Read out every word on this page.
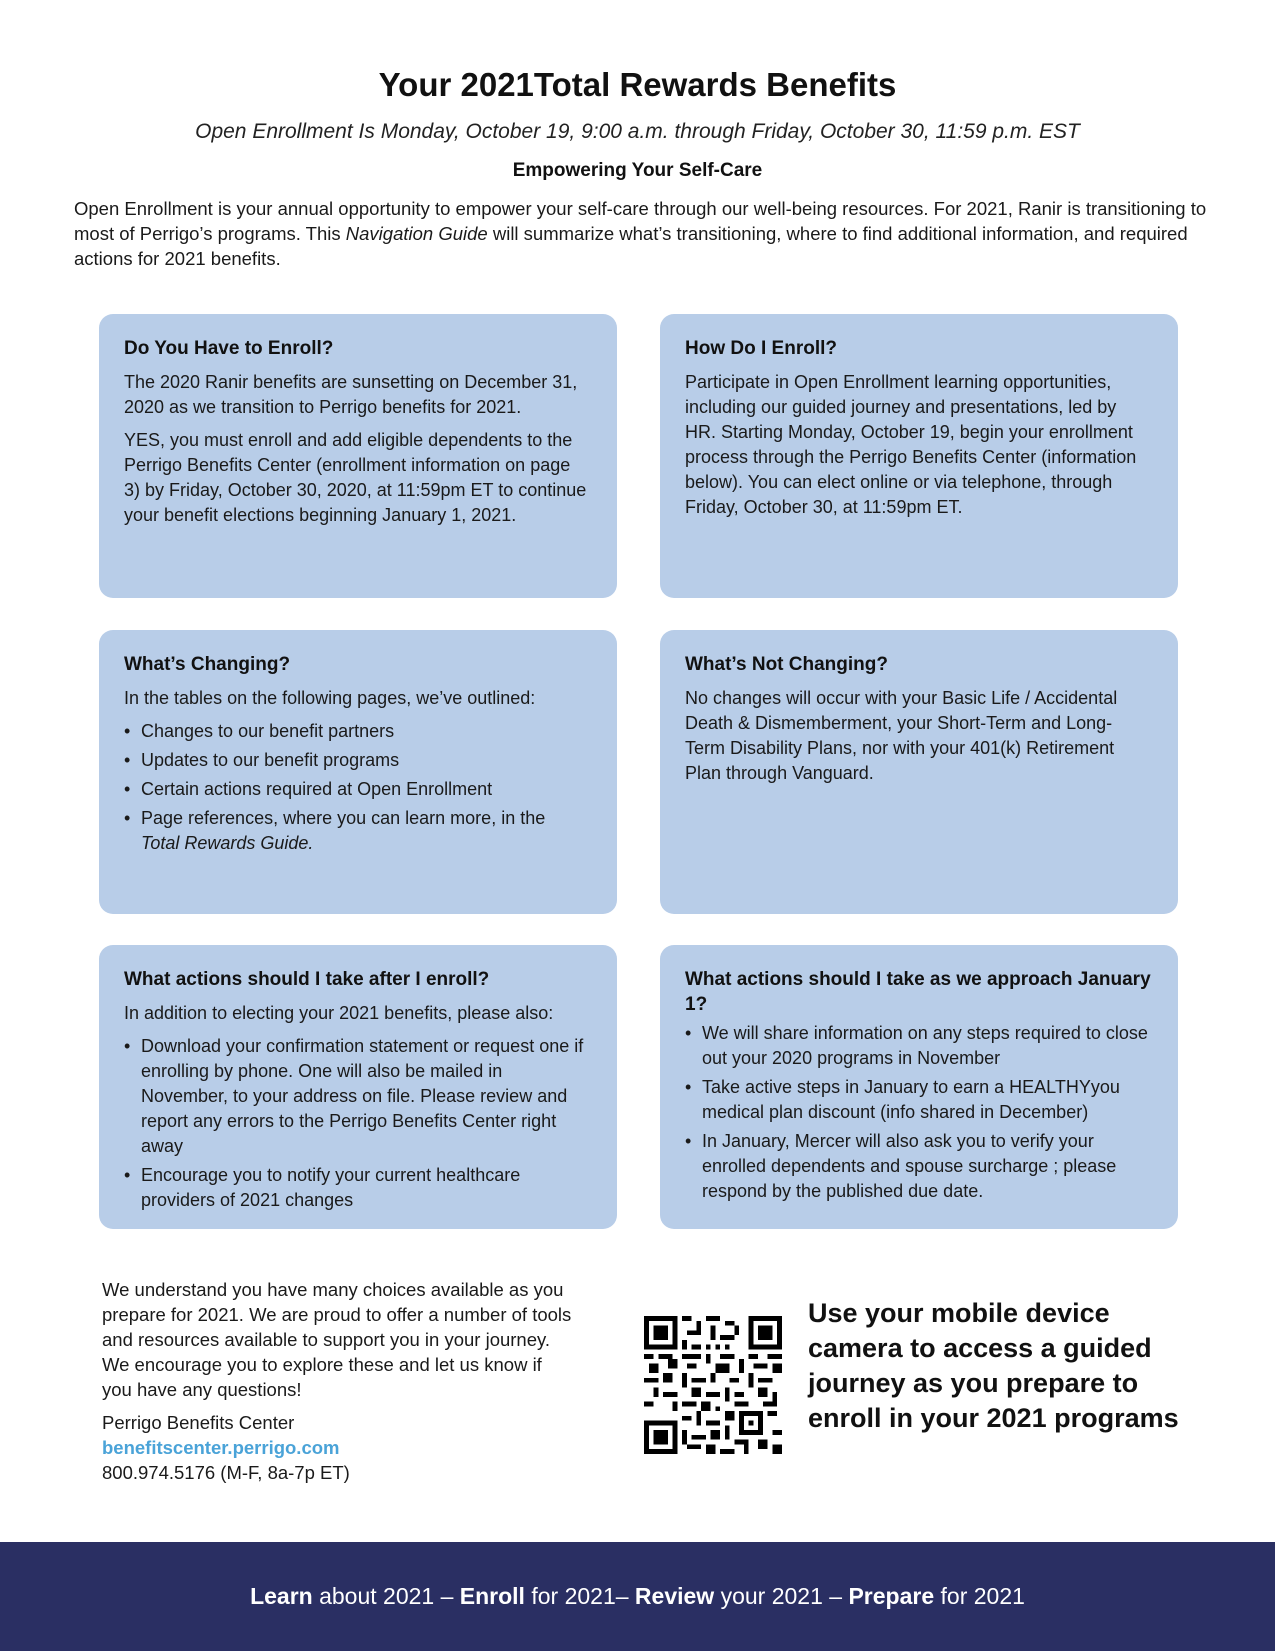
Your 2021Total Rewards Benefits
Open Enrollment Is Monday, October 19, 9:00 a.m. through Friday, October 30, 11:59 p.m. EST
Empowering Your Self-Care
Open Enrollment is your annual opportunity to empower your self-care through our well-being resources. For 2021, Ranir is transitioning to most of Perrigo’s programs. This Navigation Guide will summarize what’s transitioning, where to find additional information, and required actions for 2021 benefits.
Do You Have to Enroll?

The 2020 Ranir benefits are sunsetting on December 31, 2020 as we transition to Perrigo benefits for 2021.

YES, you must enroll and add eligible dependents to the Perrigo Benefits Center (enrollment information on page 3) by Friday, October 30, 2020, at 11:59pm ET to continue your benefit elections beginning January 1, 2021.

How Do I Enroll?

Participate in Open Enrollment learning opportunities, including our guided journey and presentations, led by HR. Starting Monday, October 19, begin your enrollment process through the Perrigo Benefits Center (information below). You can elect online or via telephone, through Friday, October 30, at 11:59pm ET.

What’s Changing?

In the tables on the following pages, we’ve outlined:

• Changes to our benefit partners
• Updates to our benefit programs
• Certain actions required at Open Enrollment
• Page references, where you can learn more, in the
Total Rewards Guide.
What’s Not Changing?

No changes will occur with your Basic Life / Accidental Death & Dismemberment, your Short-Term and Long-Term Disability Plans, nor with your 401(k) Retirement Plan through Vanguard.

What actions should I take after I enroll?

In addition to electing your 2021 benefits, please also:

• Download your confirmation statement or request one if enrolling by phone. One will also be mailed in November, to your address on file. Please review and report any errors to the Perrigo Benefits Center right away
• Encourage you to notify your current healthcare providers of 2021 changes
What actions should I take as we approach January 1?
• We will share information on any steps required to close out your 2020 programs in November
• Take active steps in January to earn a HEALTHYyou medical plan discount (info shared in December)
• In January, Mercer will also ask you to verify your enrolled dependents and spouse surcharge ; please respond by the published due date.

We understand you have many choices available as you prepare for 2021. We are proud to offer a number of tools and resources available to support you in your journey. We encourage you to explore these and let us know if you have any questions!

Perrigo Benefits Center
benefitscenter.perrigo.com
800.974.5176 (M-F, 8a-7p ET)
Use your mobile device camera to access a guided journey as you prepare to enroll in your 2021 programs
Learn about 2021 – Enroll for 2021– Review your 2021 – Prepare for 2021
